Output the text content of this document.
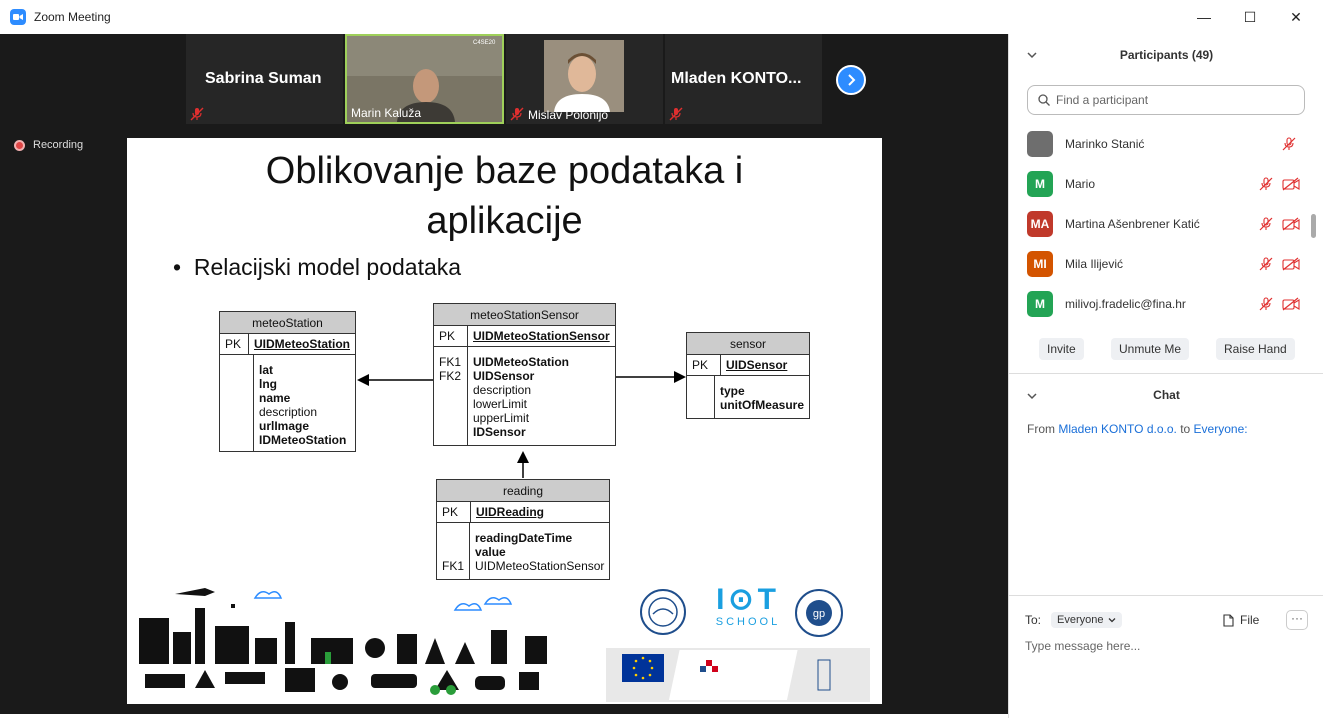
Zoom Meeting	—	☐	✕
Sabrina Suman
C4SE20
Marin Kaluža	Mislav Polonijo
Mladen KONTO...
Recording
Oblikovanje baze podataka i
aplikacije
•  Relacijski model podataka
meteoStation
PK	UIDMeteoStation
lat
lng
name
description
urlImage
IDMeteoStation
meteoStationSensor
PK	UIDMeteoStationSensor
FK1
FK2
UIDMeteoStation
UIDSensor
description
lowerLimit
upperLimit
IDSensor
sensor
PK	UIDSensor
type
unitOfMeasure
reading
PK	UIDReading
FK1
readingDateTime
value
UIDMeteoStationSensor
I⊙T
SCHOOL
gp
Participants (49)
Find a participant
Marinko Stanić
M	Mario
MA	Martina Ašenbrener Katić
MI	Mila Ilijević
M	milivoj.fradelic@fina.hr
Invite	Unmute Me	Raise Hand
Chat
From Mladen KONTO d.o.o. to Everyone:
To: Everyone	File	···
Type message here...
